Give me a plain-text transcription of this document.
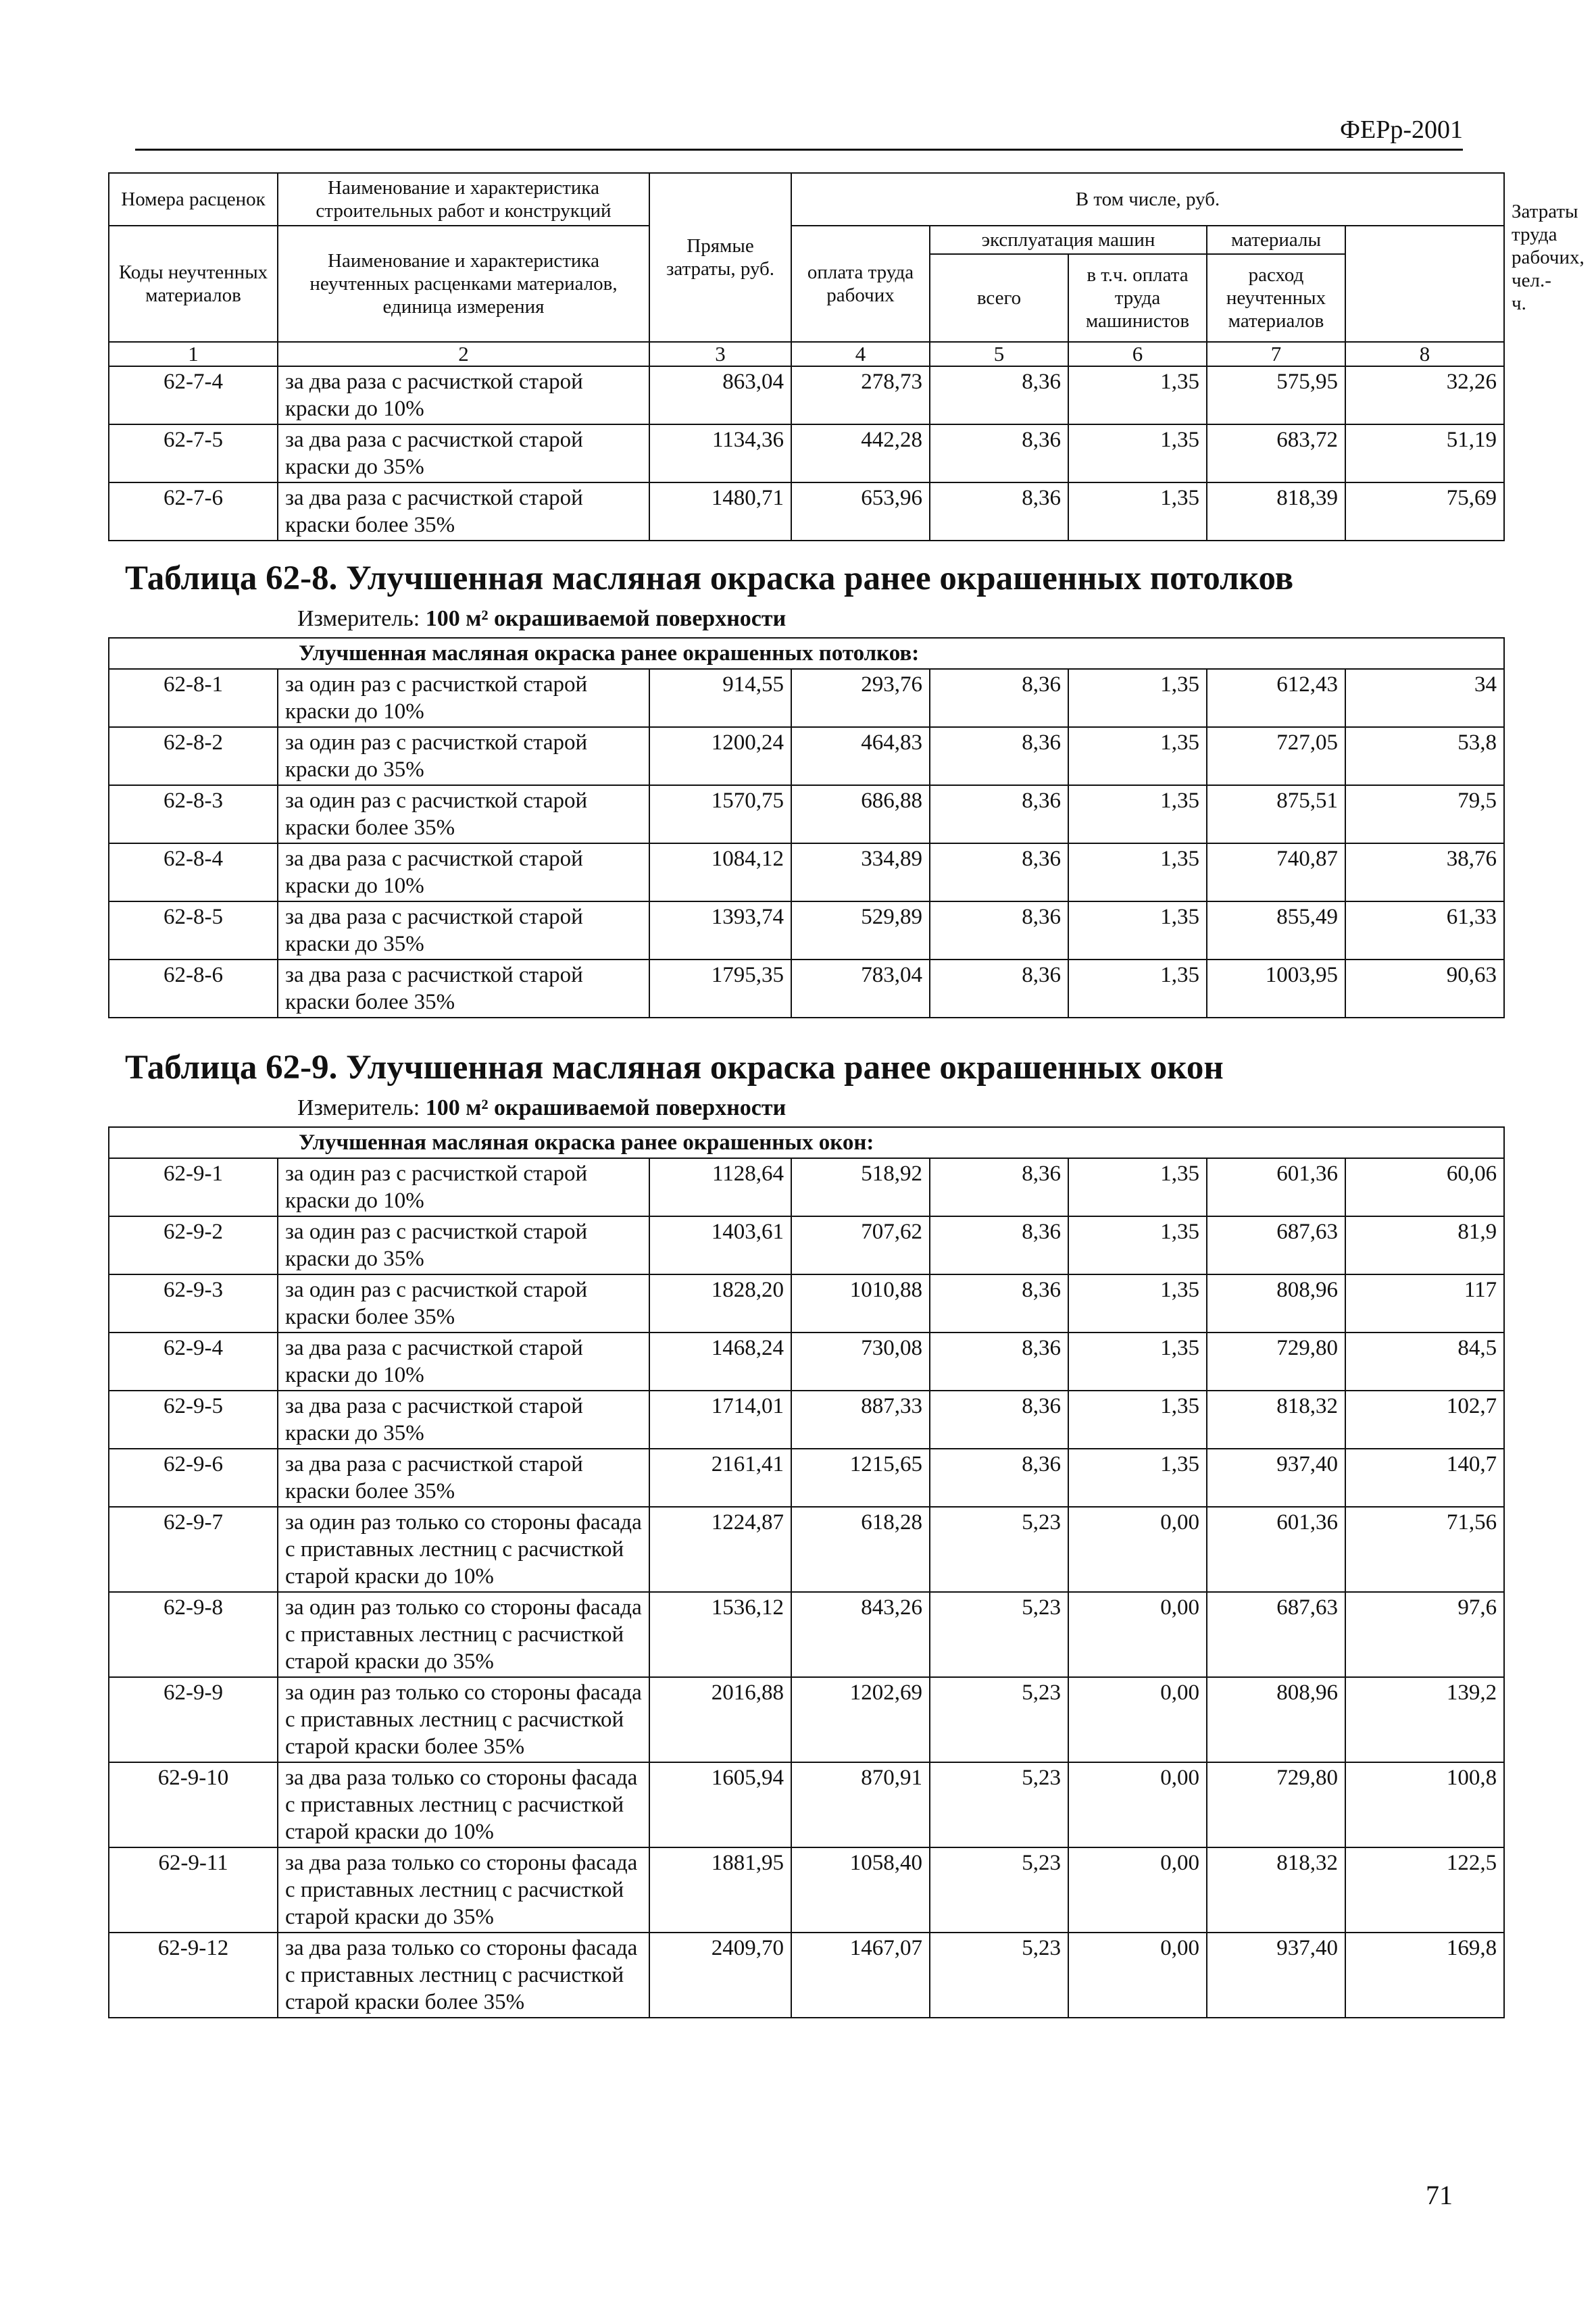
ФЕРр-2001
Номера расценок	Наименование и характеристика строительных работ и конструкций	Прямые затраты, руб.	В том числе, руб.					Затраты труда рабочих, чел.-ч.
Коды неучтенных материалов	Наименование и характеристика неучтенных расценками материалов, единица измерения		оплата труда рабочих	эксплуатация машин		материалы		
				всего	в т.ч. оплата труда машинистов	расход неучтенных материалов		
1	2	3	4	5	6	7	8	
62-7-4	за два раза с расчисткой старой краски до 10%	863,04	278,73	8,36	1,35	575,95	32,26	
62-7-5	за два раза с расчисткой старой краски до 35%	1134,36	442,28	8,36	1,35	683,72	51,19	
62-7-6	за два раза с расчисткой старой краски более 35%	1480,71	653,96	8,36	1,35	818,39	75,69	
Таблица 62-8. Улучшенная масляная окраска ранее окрашенных потолков
Измеритель: 100 м² окрашиваемой поверхности
Улучшенная масляная окраска ранее окрашенных потолков:							
62-8-1	за один раз с расчисткой старой краски до 10%	914,55	293,76	8,36	1,35	612,43	34
62-8-2	за один раз с расчисткой старой краски до 35%	1200,24	464,83	8,36	1,35	727,05	53,8
62-8-3	за один раз с расчисткой старой краски более 35%	1570,75	686,88	8,36	1,35	875,51	79,5
62-8-4	за два раза с расчисткой старой краски до 10%	1084,12	334,89	8,36	1,35	740,87	38,76
62-8-5	за два раза с расчисткой старой краски до 35%	1393,74	529,89	8,36	1,35	855,49	61,33
62-8-6	за два раза с расчисткой старой краски более 35%	1795,35	783,04	8,36	1,35	1003,95	90,63
Таблица 62-9. Улучшенная масляная окраска ранее окрашенных окон
Измеритель: 100 м² окрашиваемой поверхности
Улучшенная масляная окраска ранее окрашенных окон:							
62-9-1	за один раз с расчисткой старой краски до 10%	1128,64	518,92	8,36	1,35	601,36	60,06
62-9-2	за один раз с расчисткой старой краски до 35%	1403,61	707,62	8,36	1,35	687,63	81,9
62-9-3	за один раз с расчисткой старой краски более 35%	1828,20	1010,88	8,36	1,35	808,96	117
62-9-4	за два раза с расчисткой старой краски до 10%	1468,24	730,08	8,36	1,35	729,80	84,5
62-9-5	за два раза с расчисткой старой краски до 35%	1714,01	887,33	8,36	1,35	818,32	102,7
62-9-6	за два раза с расчисткой старой краски более 35%	2161,41	1215,65	8,36	1,35	937,40	140,7
62-9-7	за один раз только со стороны фасада с приставных лестниц с расчисткой старой краски до 10%	1224,87	618,28	5,23	0,00	601,36	71,56
62-9-8	за один раз только со стороны фасада с приставных лестниц с расчисткой старой краски до 35%	1536,12	843,26	5,23	0,00	687,63	97,6
62-9-9	за один раз только со стороны фасада с приставных лестниц с расчисткой старой краски более 35%	2016,88	1202,69	5,23	0,00	808,96	139,2
62-9-10	за два раза только со стороны фасада с приставных лестниц с расчисткой старой краски до 10%	1605,94	870,91	5,23	0,00	729,80	100,8
62-9-11	за два раза только со стороны фасада с приставных лестниц с расчисткой старой краски до 35%	1881,95	1058,40	5,23	0,00	818,32	122,5
62-9-12	за два раза только со стороны фасада с приставных лестниц с расчисткой старой краски более 35%	2409,70	1467,07	5,23	0,00	937,40	169,8
71
